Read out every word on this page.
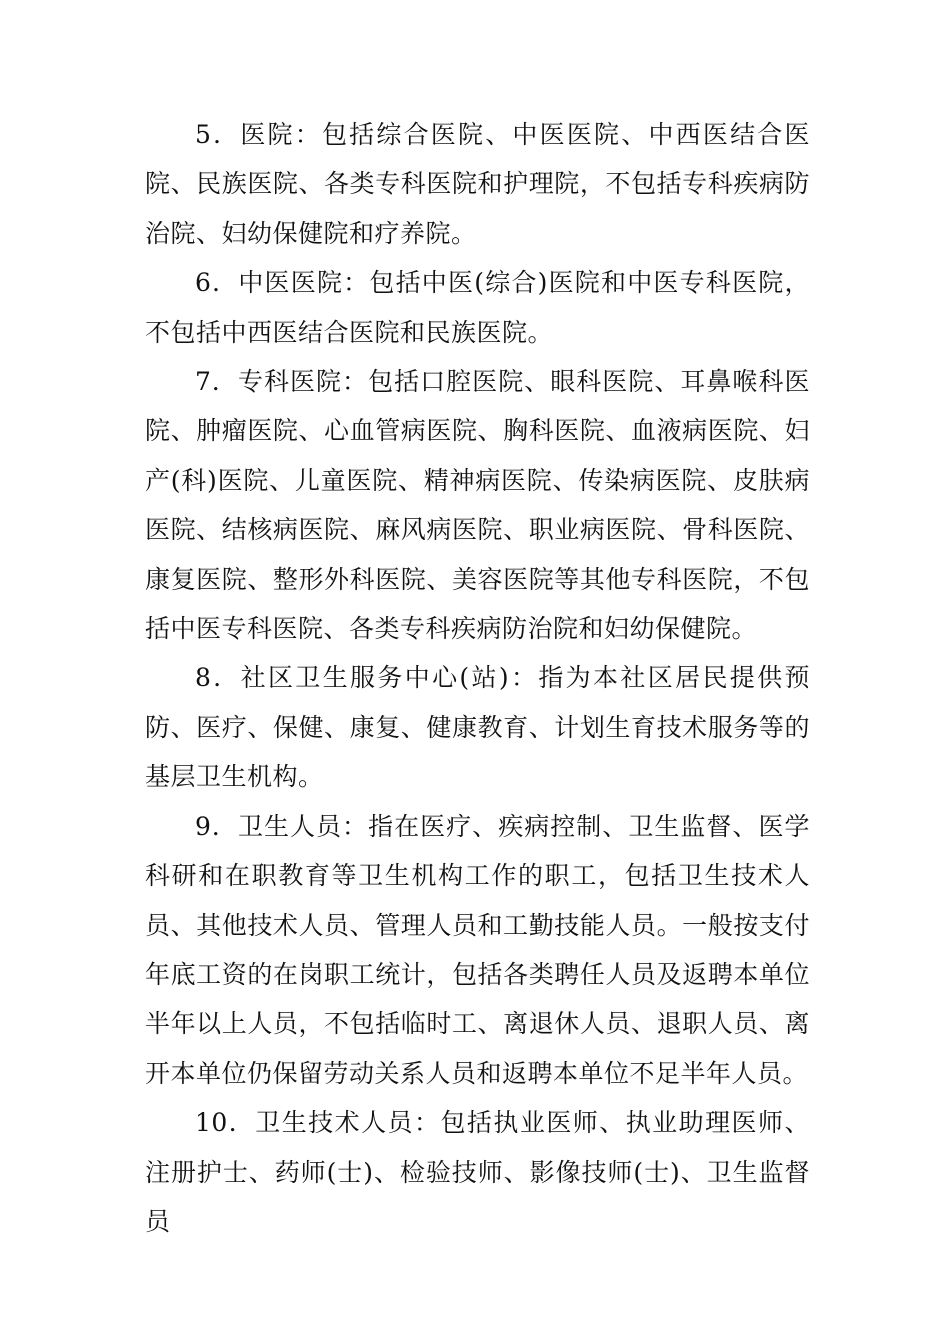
5．医院：包括综合医院、中医医院、中西医结合医院、民族医院、各类专科医院和护理院，不包括专科疾病防治院、妇幼保健院和疗养院。

6．中医医院：包括中医(综合)医院和中医专科医院，不包括中西医结合医院和民族医院。

7．专科医院：包括口腔医院、眼科医院、耳鼻喉科医院、肿瘤医院、心血管病医院、胸科医院、血液病医院、妇产(科)医院、儿童医院、精神病医院、传染病医院、皮肤病医院、结核病医院、麻风病医院、职业病医院、骨科医院、康复医院、整形外科医院、美容医院等其他专科医院，不包括中医专科医院、各类专科疾病防治院和妇幼保健院。

8．社区卫生服务中心(站)：指为本社区居民提供预防、医疗、保健、康复、健康教育、计划生育技术服务等的基层卫生机构。

9．卫生人员：指在医疗、疾病控制、卫生监督、医学科研和在职教育等卫生机构工作的职工，包括卫生技术人员、其他技术人员、管理人员和工勤技能人员。一般按支付年底工资的在岗职工统计，包括各类聘任人员及返聘本单位半年以上人员，不包括临时工、离退休人员、退职人员、离开本单位仍保留劳动关系人员和返聘本单位不足半年人员。

10．卫生技术人员：包括执业医师、执业助理医师、注册护士、药师(士)、检验技师、影像技师(士)、卫生监督员
